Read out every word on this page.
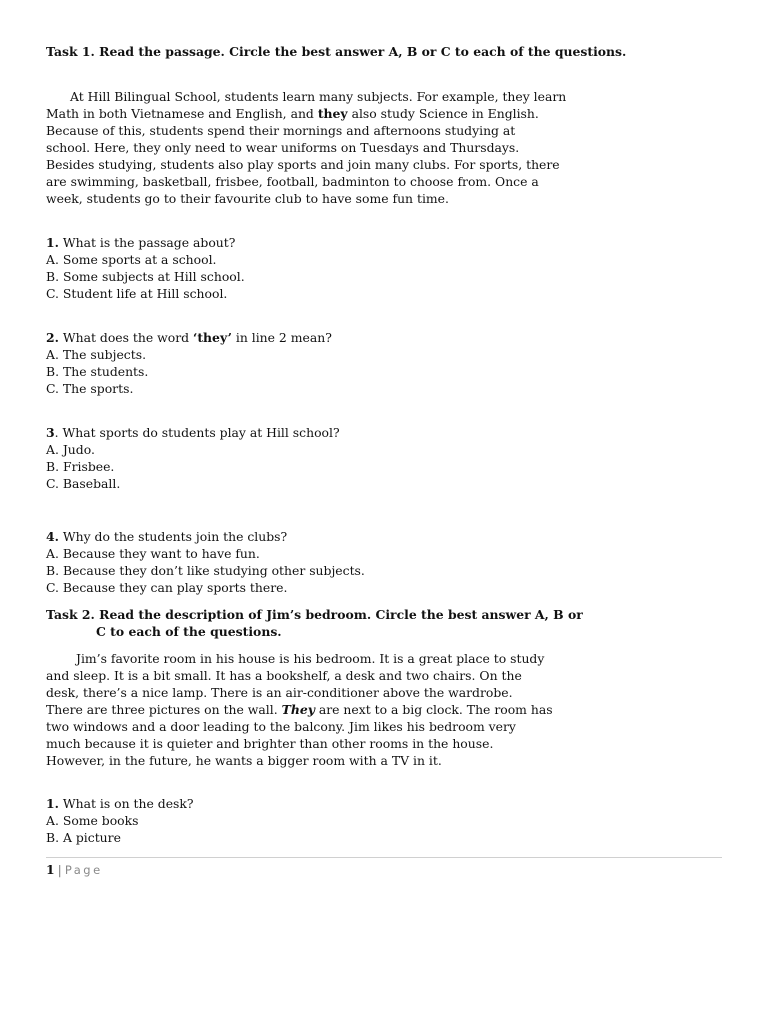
Task 1. Read the passage. Circle the best answer A, B or C to each of the questions.
At Hill Bilingual School, students learn many subjects. For example, they learn
Math in both Vietnamese and English, and they also study Science in English.
Because of this, students spend their mornings and afternoons studying at
school. Here, they only need to wear uniforms on Tuesdays and Thursdays.
Besides studying, students also play sports and join many clubs. For sports, there
are swimming, basketball, frisbee, football, badminton to choose from. Once a
week, students go to their favourite club to have some fun time.
1. What is the passage about?
A. Some sports at a school.
B. Some subjects at Hill school.
C. Student life at Hill school.
2. What does the word ‘they’ in line 2 mean?
A. The subjects.
B. The students.
C. The sports.
3. What sports do students play at Hill school?
A. Judo.
B. Frisbee.
C. Baseball.
4. Why do the students join the clubs?
A. Because they want to have fun.
B. Because they don’t like studying other subjects.
C. Because they can play sports there.
Task 2. Read the description of Jim’s bedroom. Circle the best answer A, B or
C to each of the questions.
Jim’s favorite room in his house is his bedroom. It is a great place to study
and sleep. It is a bit small. It has a bookshelf, a desk and two chairs. On the
desk, there’s a nice lamp. There is an air-conditioner above the wardrobe.
There are three pictures on the wall. They are next to a big clock. The room has
two windows and a door leading to the balcony. Jim likes his bedroom very
much because it is quieter and brighter than other rooms in the house.
However, in the future, he wants a bigger room with a TV in it.
1. What is on the desk?
A. Some books
B. A picture
1 | Page
